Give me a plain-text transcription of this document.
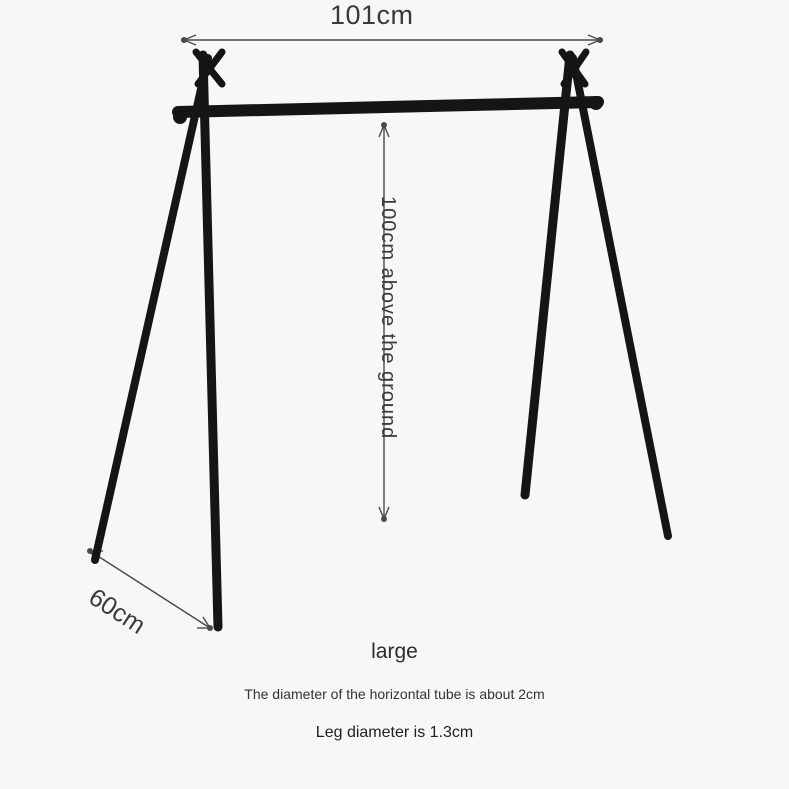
101cm
100cm above the ground
60cm
large
The diameter of the horizontal tube is about 2cm
Leg diameter is 1.3cm
